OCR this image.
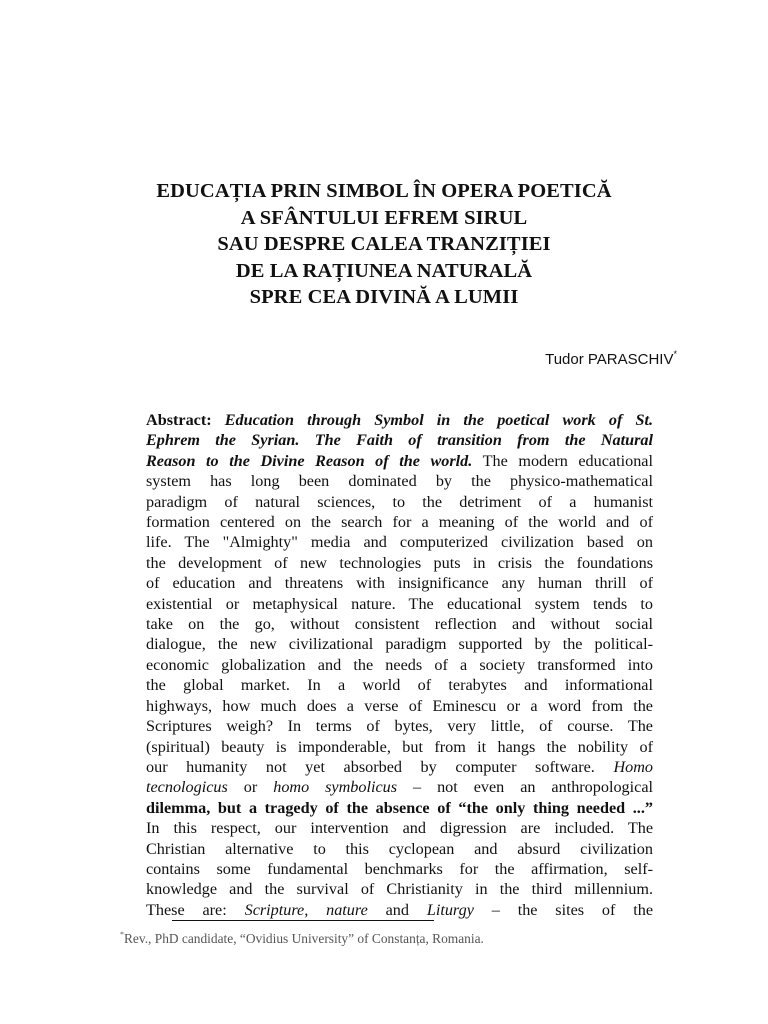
EDUCAȚIA PRIN SIMBOL ÎN OPERA POETICĂ
A SFÂNTULUI EFREM SIRUL
SAU DESPRE CALEA TRANZIȚIEI
DE LA RAȚIUNEA NATURALĂ
SPRE CEA DIVINĂ A LUMII
Tudor PARASCHIV*
Abstract: Education through Symbol in the poetical work of St.
Ephrem the Syrian. The Faith of transition from the Natural
Reason to the Divine Reason of the world. The modern educational
system has long been dominated by the physico-mathematical
paradigm of natural sciences, to the detriment of a humanist
formation centered on the search for a meaning of the world and of
life. The "Almighty" media and computerized civilization based on
the development of new technologies puts in crisis the foundations
of education and threatens with insignificance any human thrill of
existential or metaphysical nature. The educational system tends to
take on the go, without consistent reflection and without social
dialogue, the new civilizational paradigm supported by the political-
economic globalization and the needs of a society transformed into
the global market. In a world of terabytes and informational
highways, how much does a verse of Eminescu or a word from the
Scriptures weigh? In terms of bytes, very little, of course. The
(spiritual) beauty is imponderable, but from it hangs the nobility of
our humanity not yet absorbed by computer software. Homo
tecnologicus or homo symbolicus – not even an anthropological
dilemma, but a tragedy of the absence of “the only thing needed ...”
In this respect, our intervention and digression are included. The
Christian alternative to this cyclopean and absurd civilization
contains some fundamental benchmarks for the affirmation, self-
knowledge and the survival of Christianity in the third millennium.
These are: Scripture, nature and Liturgy – the sites of the
*Rev., PhD candidate, “Ovidius University” of Constanța, Romania.
